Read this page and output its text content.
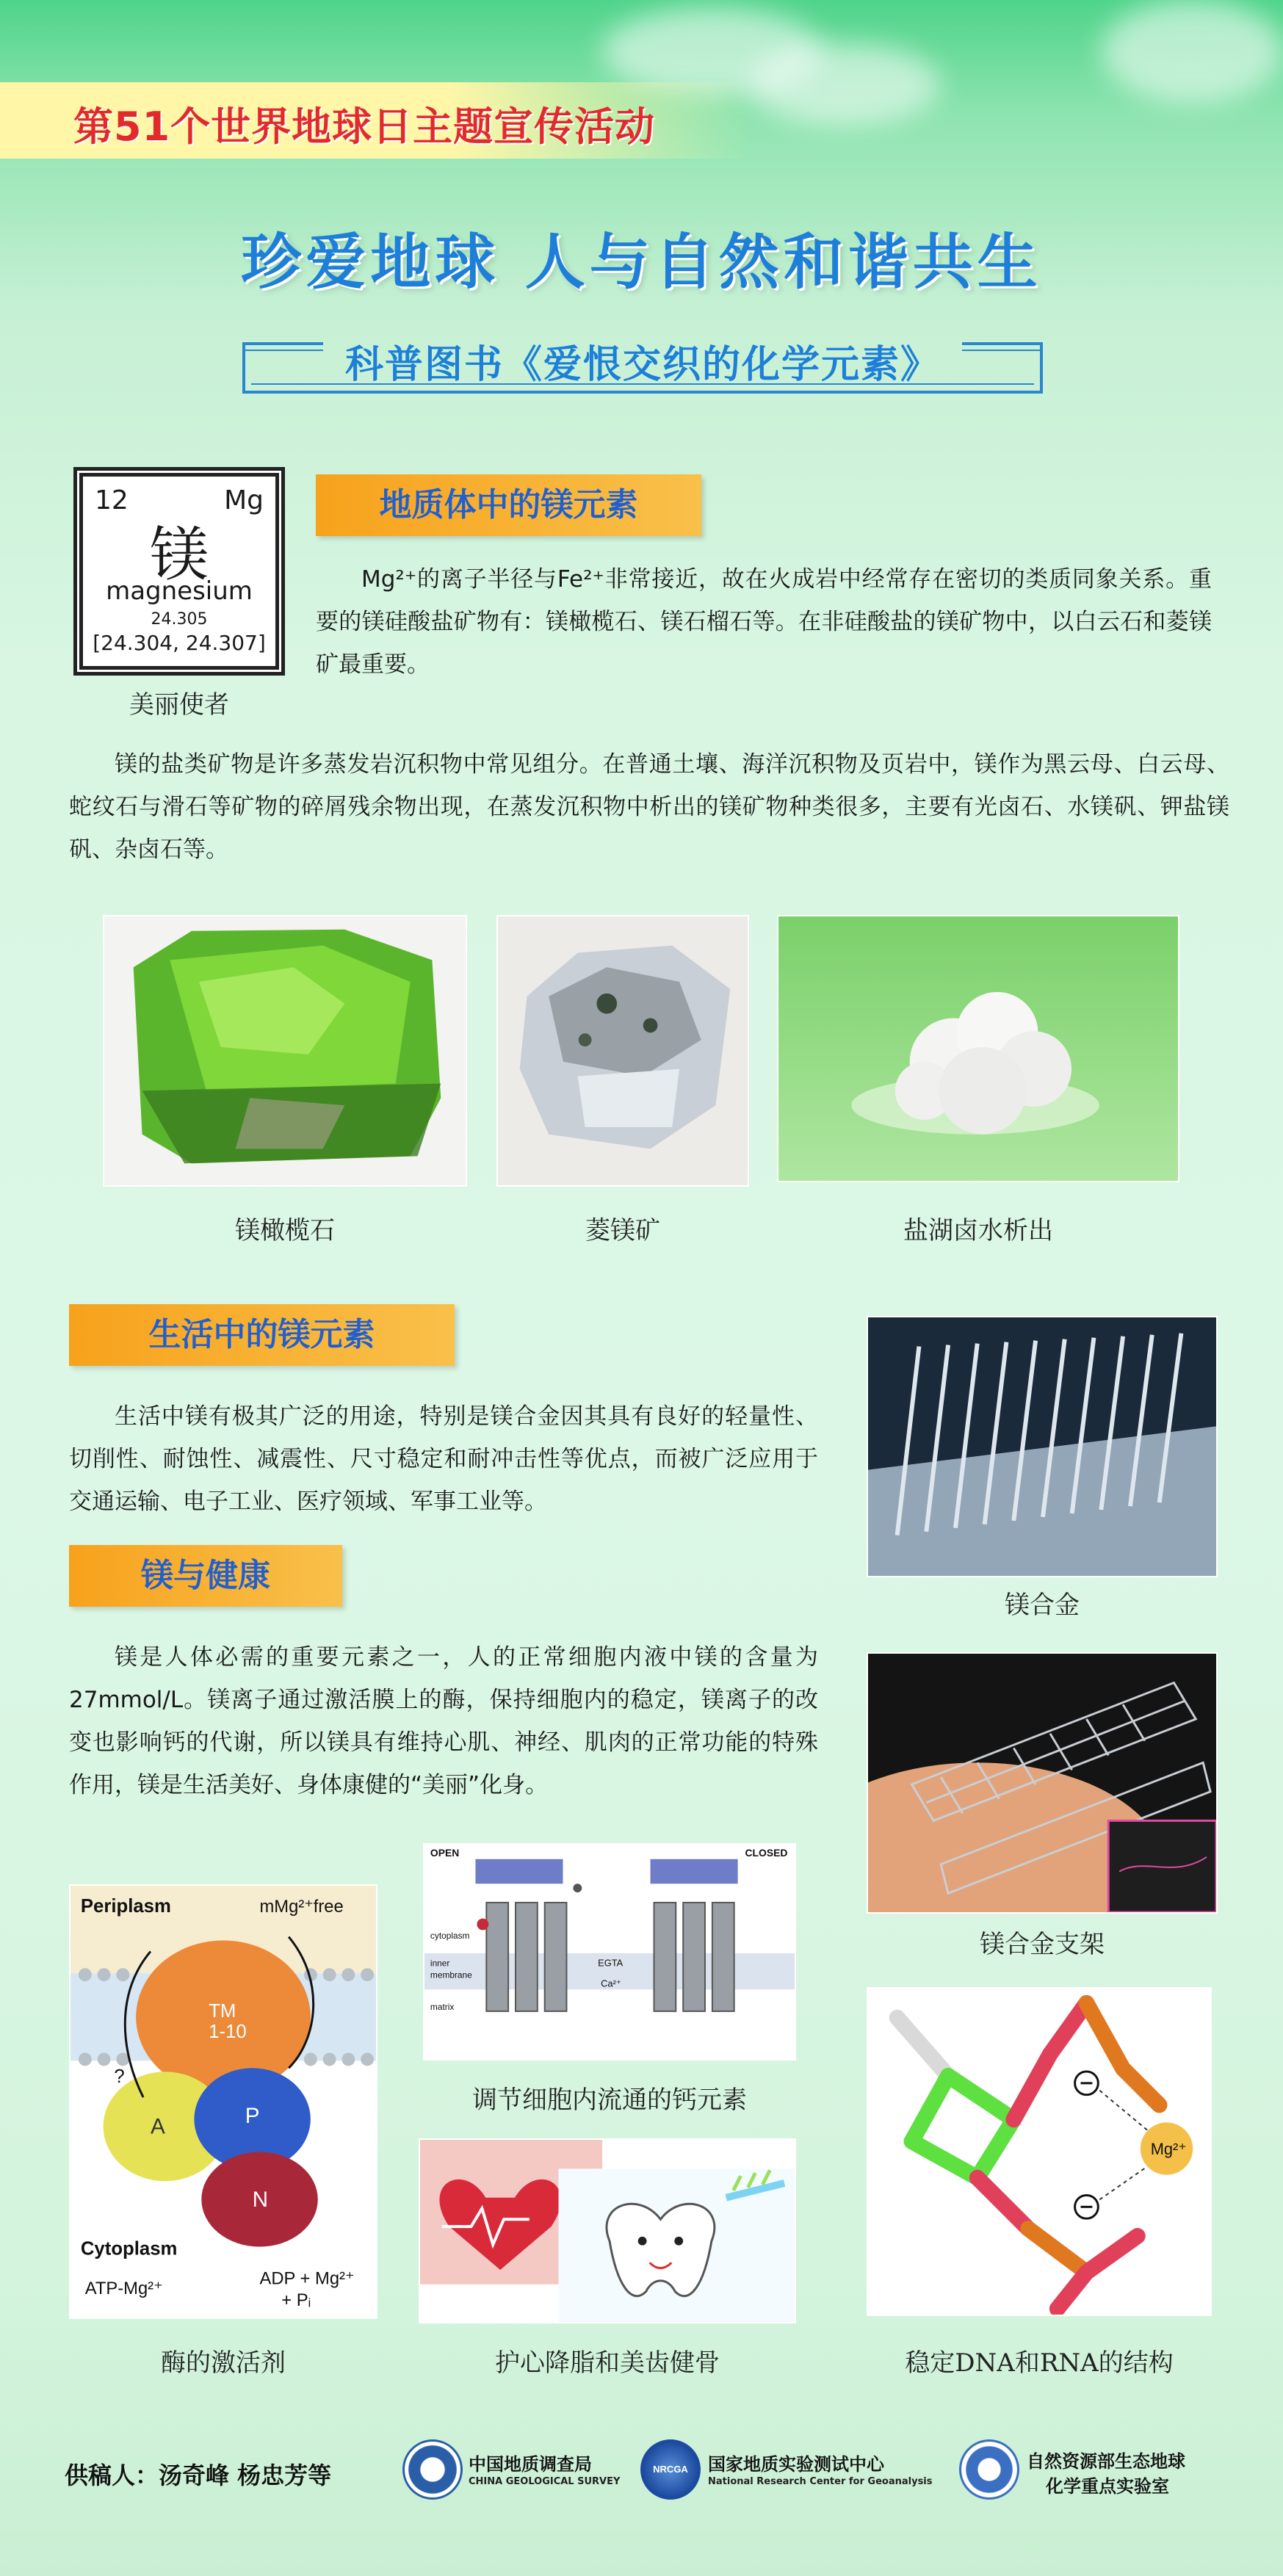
第51个世界地球日主题宣传活动
珍爱地球 人与自然和谐共生
科普图书《爱恨交织的化学元素》
12	Mg
镁
magnesium
24.305
[24.304, 24.307]
美丽使者
地质体中的镁元素
Mg²⁺的离子半径与Fe²⁺非常接近，故在火成岩中经常存在密切的类质同象关系。重要的镁硅酸盐矿物有：镁橄榄石、镁石榴石等。在非硅酸盐的镁矿物中，以白云石和菱镁矿最重要。
镁的盐类矿物是许多蒸发岩沉积物中常见组分。在普通土壤、海洋沉积物及页岩中，镁作为黑云母、白云母、蛇纹石与滑石等矿物的碎屑残余物出现，在蒸发沉积物中析出的镁矿物种类很多，主要有光卤石、水镁矾、钾盐镁矾、杂卤石等。
镁橄榄石	菱镁矿	盐湖卤水析出
生活中的镁元素
生活中镁有极其广泛的用途，特别是镁合金因其具有良好的轻量性、切削性、耐蚀性、减震性、尺寸稳定和耐冲击性等优点，而被广泛应用于交通运输、电子工业、医疗领域、军事工业等。
镁合金
镁与健康
镁是人体必需的重要元素之一，人的正常细胞内液中镁的含量为27mmol/L。镁离子通过激活膜上的酶，保持细胞内的稳定，镁离子的改变也影响钙的代谢，所以镁具有维持心肌、神经、肌肉的正常功能的特殊作用，镁是生活美好、身体康健的“美丽”化身。
镁合金支架
Periplasm	mMg²⁺free
TM 1-10
?
A	P
N
Cytoplasm
ATP-Mg²⁺
ADP + Mg²⁺
+ Pᵢ
酶的激活剂
OPEN	CLOSED
cytoplasm
inner
membrane
matrix
EGTA
Ca²⁺
调节细胞内流通的钙元素
护心降脂和美齿健骨
Mg²⁺
稳定DNA和RNA的结构
供稿人：汤奇峰 杨忠芳等	中国地质调查局
CHINA GEOLOGICAL SURVEY
NRCGA	国家地质实验测试中心
National Research Center for Geoanalysis
自然资源部生态地球
化学重点实验室
